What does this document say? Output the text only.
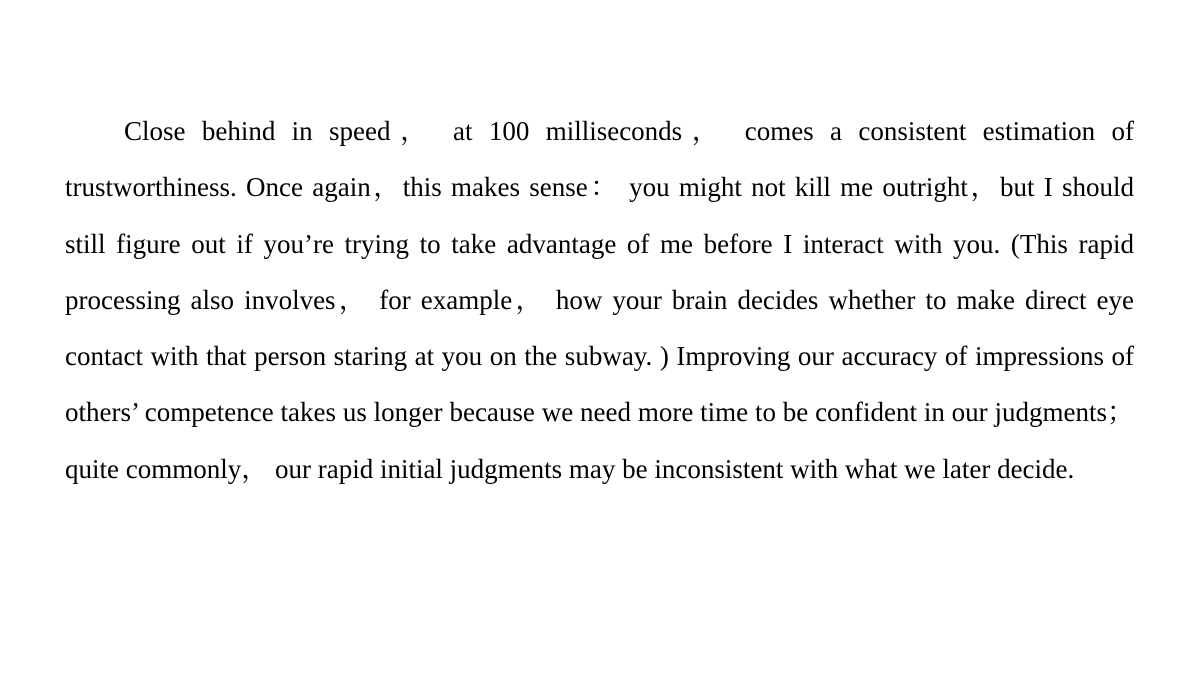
Close behind in speed， at 100 milliseconds， comes a consistent estimation of trustworthiness. Once again，this makes sense： you might not kill me outright，but I should still figure out if you’re trying to take advantage of me before I interact with you. (This rapid processing also involves， for example， how your brain decides whether to make direct eye contact with that person staring at you on the subway. ) Improving our accuracy of impressions of others’ competence takes us longer because we need more time to be confident in our judgments； quite commonly， our rapid initial judgments may be inconsistent with what we later decide.
